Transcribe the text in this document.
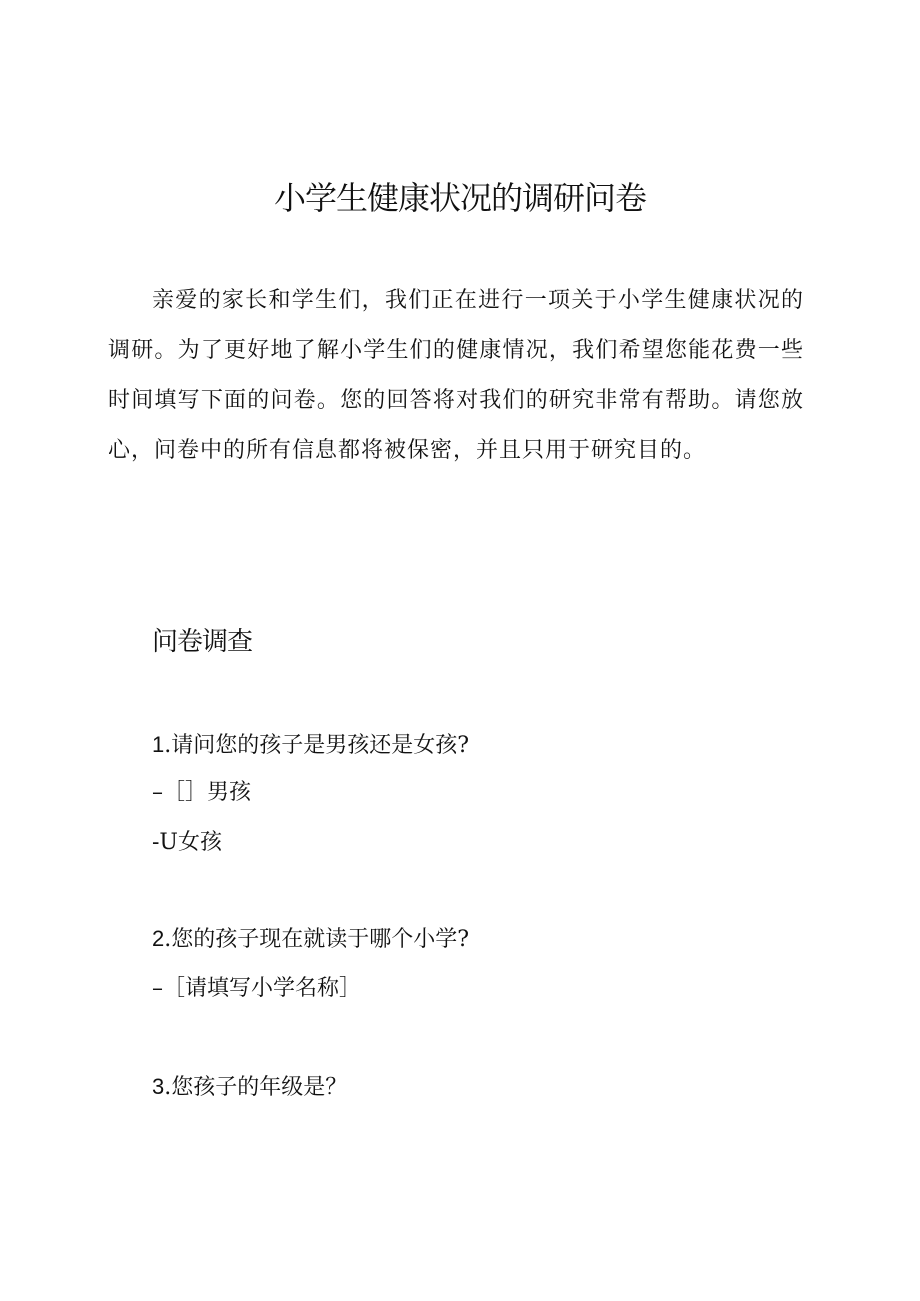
小学生健康状况的调研问卷

亲爱的家长和学生们，我们正在进行一项关于小学生健康状况的调研。为了更好地了解小学生们的健康情况，我们希望您能花费一些时间填写下面的问卷。您的回答将对我们的研究非常有帮助。请您放心，问卷中的所有信息都将被保密，并且只用于研究目的。

问卷调查

1.请问您的孩子是男孩还是女孩?

–［］男孩

-U女孩

2.您的孩子现在就读于哪个小学?

–［请填写小学名称］

3.您孩子的年级是？
